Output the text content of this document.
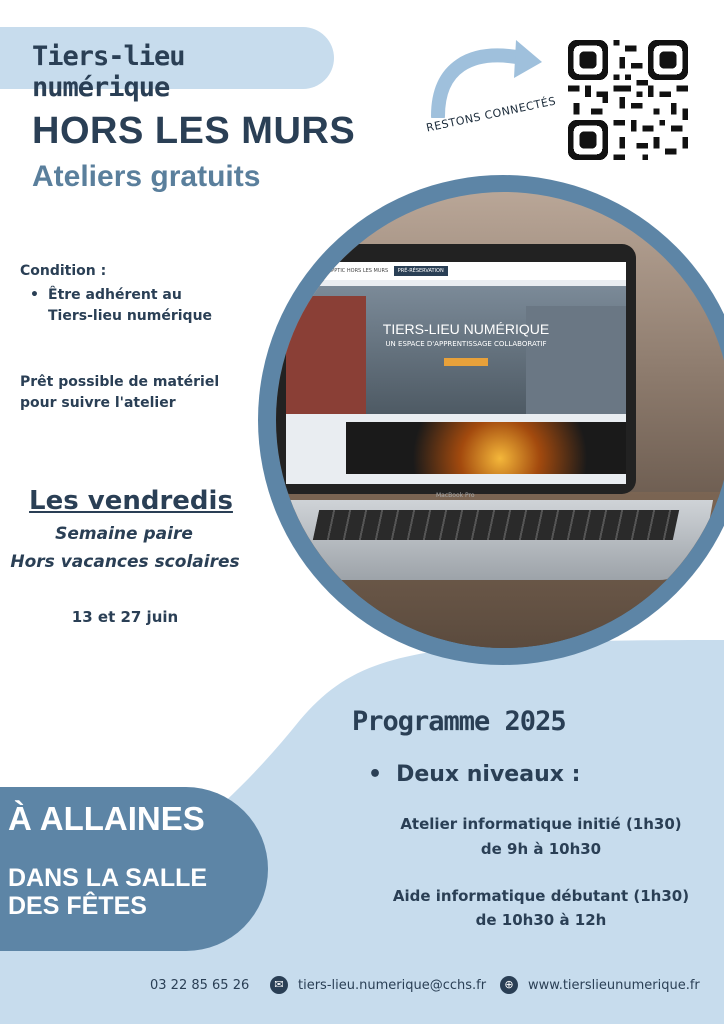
Tiers-lieu numérique
HORS LES MURS
Ateliers gratuits
RESTONS CONNECTÉS
Condition :
• Être adhérent au
Tiers-lieu numérique
Prêt possible de matériel
pour suivre l'atelier
Les vendredis
Semaine paire
Hors vacances scolaires
13 et 27 juin
REPAIR CAFÉ APPTIC HORS LES MURS PRÉ-RÉSERVATION
TIERS-LIEU NUMÉRIQUE
UN ESPACE D'APPRENTISSAGE COLLABORATIF
MacBook Pro
Programme 2025
• Deux niveaux :
Atelier informatique initié (1h30)
de 9h à 10h30
Aide informatique débutant (1h30)
de 10h30 à 12h
À ALLAINES
DANS LA SALLE
DES FÊTES
03 22 85 65 26	✉	tiers-lieu.numerique@cchs.fr	⊕	www.tierslieunumerique.fr
